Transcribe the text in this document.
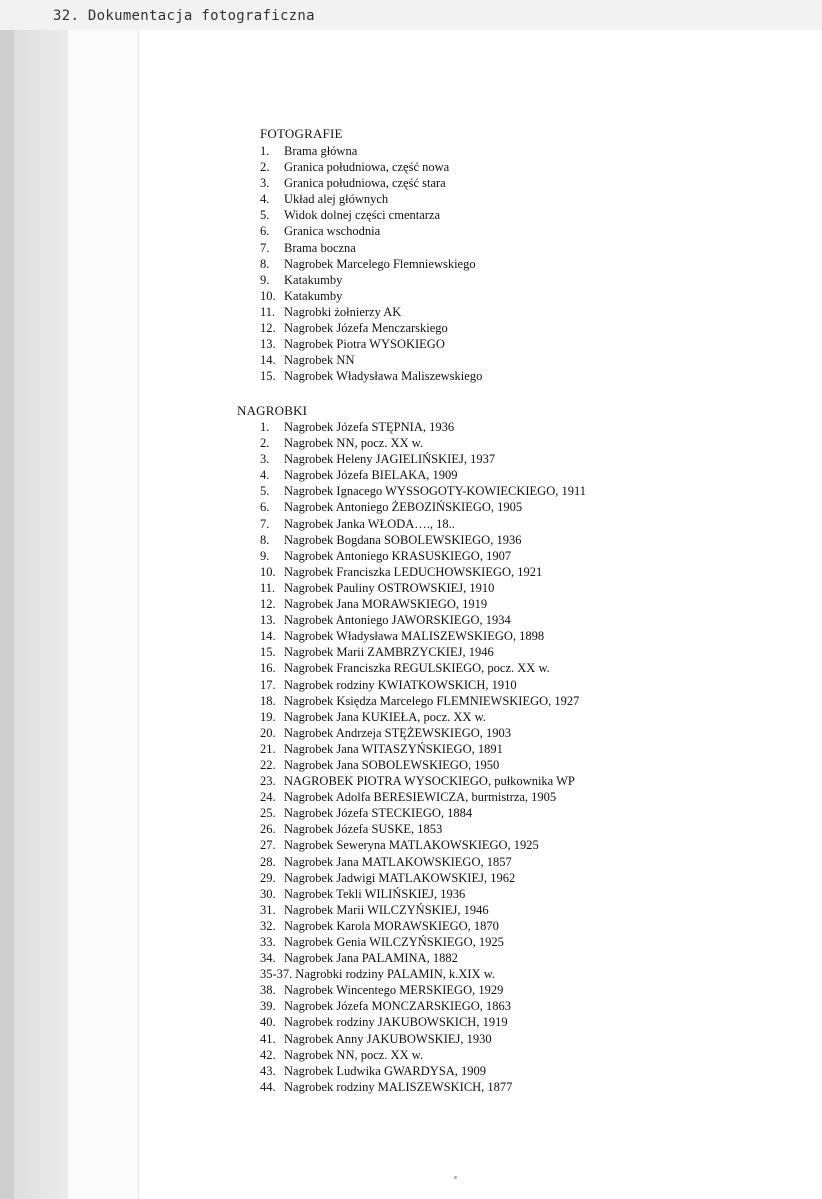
32. Dokumentacja fotograficzna
FOTOGRAFIE
1. Brama główna
2. Granica południowa, część nowa
3. Granica południowa, część stara
4. Układ alej głównych
5. Widok dolnej części cmentarza
6. Granica wschodnia
7. Brama boczna
8. Nagrobek Marcelego Flemniewskiego
9. Katakumby
10. Katakumby
11. Nagrobki żołnierzy AK
12. Nagrobek Józefa Menczarskiego
13. Nagrobek Piotra WYSOKIEGO
14. Nagrobek NN
15. Nagrobek Władysława Maliszewskiego
NAGROBKI
1. Nagrobek Józefa STĘPNIA, 1936
2. Nagrobek NN, pocz. XX w.
3. Nagrobek Heleny JAGIELIŃSKIEJ, 1937
4. Nagrobek Józefa BIELAKA, 1909
5. Nagrobek Ignacego WYSSOGOTY-KOWIECKIEGO, 1911
6. Nagrobek Antoniego ŻEBOZIŃSKIEGO, 1905
7. Nagrobek Janka WŁODA…., 18..
8. Nagrobek Bogdana SOBOLEWSKIEGO, 1936
9. Nagrobek Antoniego KRASUSKIEGO, 1907
10. Nagrobek Franciszka LEDUCHOWSKIEGO, 1921
11. Nagrobek Pauliny OSTROWSKIEJ, 1910
12. Nagrobek Jana MORAWSKIEGO, 1919
13. Nagrobek Antoniego JAWORSKIEGO, 1934
14. Nagrobek Władysława MALISZEWSKIEGO, 1898
15. Nagrobek Marii ZAMBRZYCKIEJ, 1946
16. Nagrobek Franciszka REGULSKIEGO, pocz. XX w.
17. Nagrobek rodziny KWIATKOWSKICH, 1910
18. Nagrobek Księdza Marcelego FLEMNIEWSKIEGO, 1927
19. Nagrobek Jana KUKIEŁA, pocz. XX w.
20. Nagrobek Andrzeja STĘŻEWSKIEGO, 1903
21. Nagrobek Jana WITASZYŃSKIEGO, 1891
22. Nagrobek Jana SOBOLEWSKIEGO, 1950
23. NAGROBEK PIOTRA WYSOCKIEGO, pułkownika WP
24. Nagrobek Adolfa BERESIEWICZA, burmistrza, 1905
25. Nagrobek Józefa STECKIEGO, 1884
26. Nagrobek Józefa SUSKE, 1853
27. Nagrobek Seweryna MATLAKOWSKIEGO, 1925
28. Nagrobek Jana MATLAKOWSKIEGO, 1857
29. Nagrobek Jadwigi MATLAKOWSKIEJ, 1962
30. Nagrobek Tekli WILIŃSKIEJ, 1936
31. Nagrobek Marii WILCZYŃSKIEJ, 1946
32. Nagrobek Karola MORAWSKIEGO, 1870
33. Nagrobek Genia WILCZYŃSKIEGO, 1925
34. Nagrobek Jana PALAMINA, 1882
35-37. Nagrobki rodziny PALAMIN, k.XIX w.
38. Nagrobek Wincentego MERSKIEGO, 1929
39. Nagrobek Józefa MONCZARSKIEGO, 1863
40. Nagrobek rodziny JAKUBOWSKICH, 1919
41. Nagrobek Anny JAKUBOWSKIEJ, 1930
42. Nagrobek NN, pocz. XX w.
43. Nagrobek Ludwika GWARDYSA, 1909
44. Nagrobek rodziny MALISZEWSKICH, 1877
